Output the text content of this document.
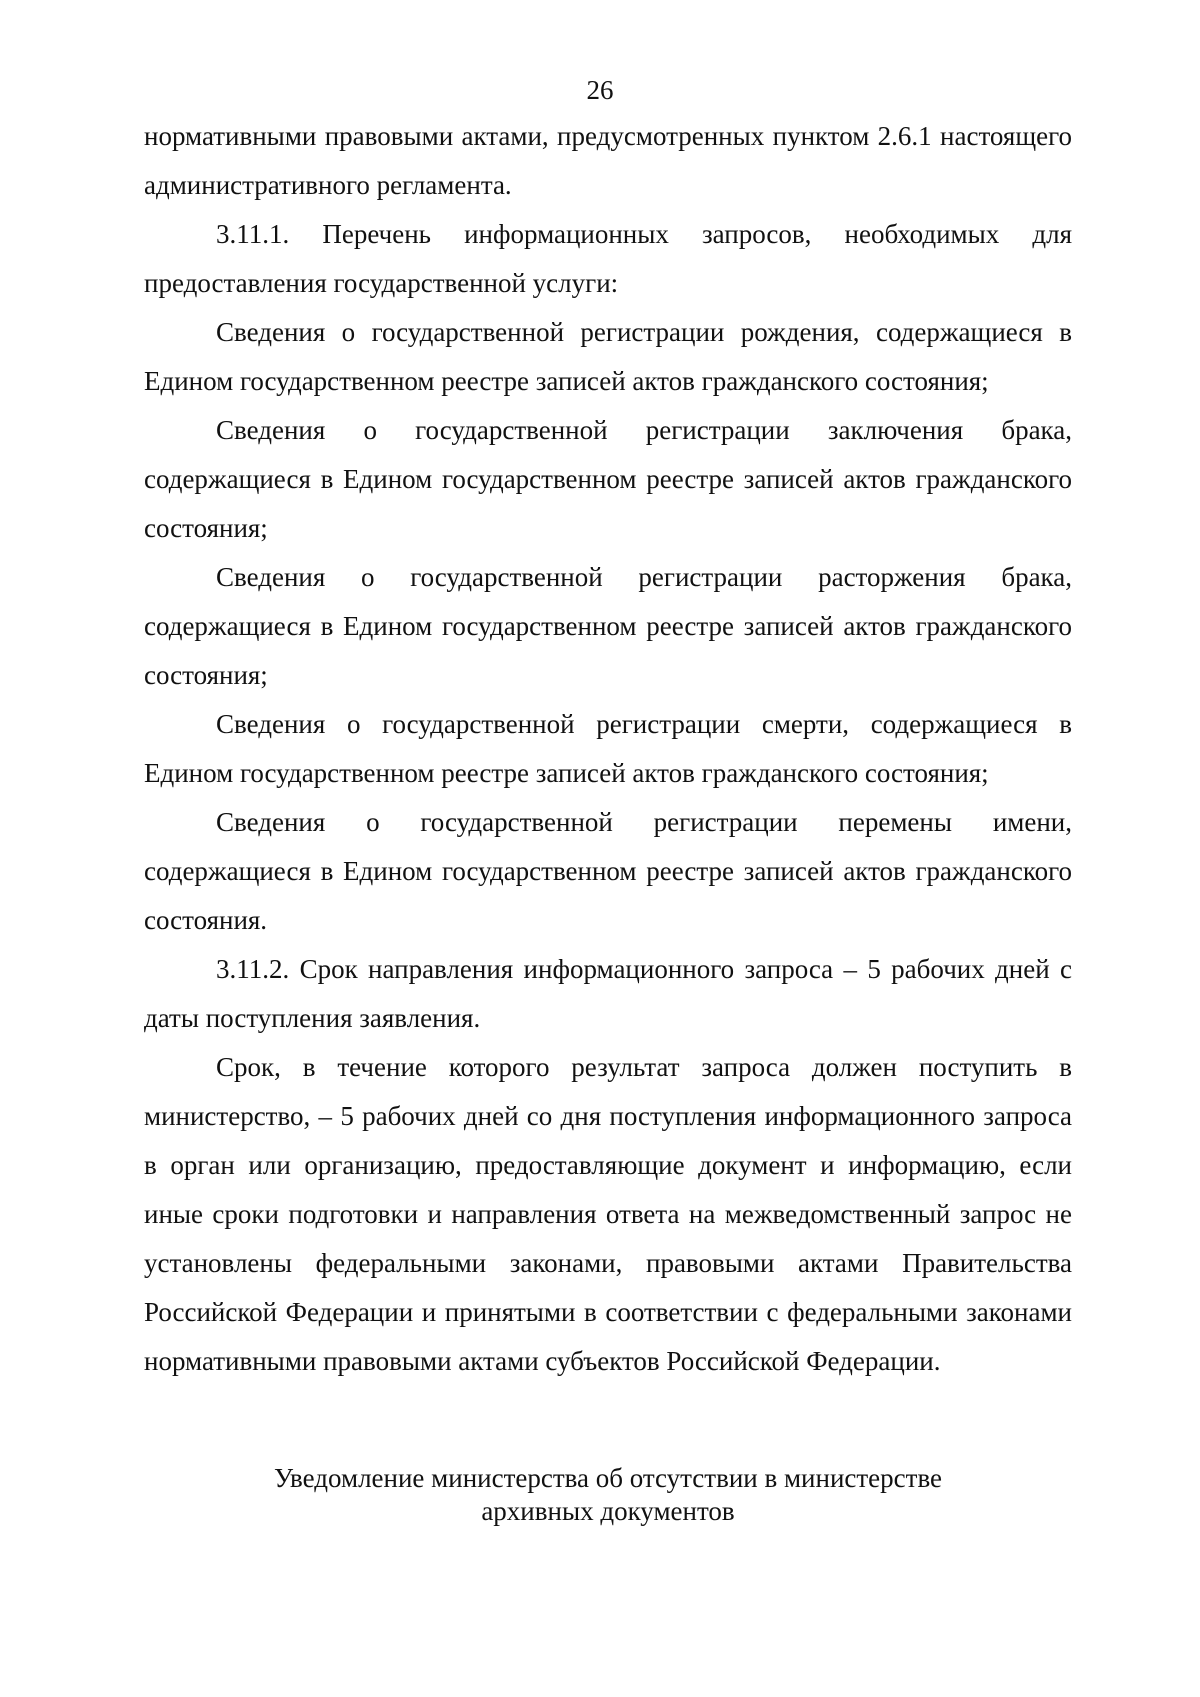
26

нормативными правовыми актами, предусмотренных пунктом 2.6.1 настоящего административного регламента.

3.11.1. Перечень информационных запросов, необходимых для предоставления государственной услуги:

Сведения о государственной регистрации рождения, содержащиеся в Едином государственном реестре записей актов гражданского состояния;

Сведения о государственной регистрации заключения брака, содержащиеся в Едином государственном реестре записей актов гражданского состояния;

Сведения о государственной регистрации расторжения брака, содержащиеся в Едином государственном реестре записей актов гражданского состояния;

Сведения о государственной регистрации смерти, содержащиеся в Едином государственном реестре записей актов гражданского состояния;

Сведения о государственной регистрации перемены имени, содержащиеся в Едином государственном реестре записей актов гражданского состояния.

3.11.2. Срок направления информационного запроса – 5 рабочих дней с даты поступления заявления.

Срок, в течение которого результат запроса должен поступить в министерство, – 5 рабочих дней со дня поступления информационного запроса в орган или организацию, предоставляющие документ и информацию, если иные сроки подготовки и направления ответа на межведомственный запрос не установлены федеральными законами, правовыми актами Правительства Российской Федерации и принятыми в соответствии с федеральными законами нормативными правовыми актами субъектов Российской Федерации.

Уведомление министерства об отсутствии в министерстве
архивных документов
